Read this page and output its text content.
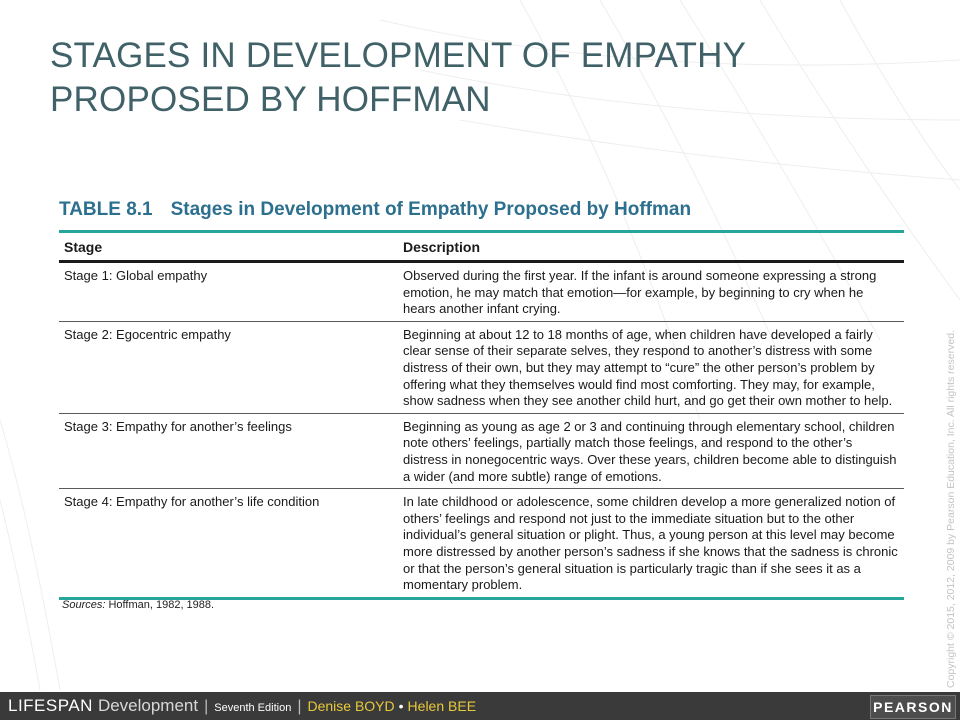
STAGES IN DEVELOPMENT OF EMPATHY PROPOSED BY HOFFMAN
TABLE 8.1 Stages in Development of Empathy Proposed by Hoffman
Stage	Description
Stage 1: Global empathy	Observed during the first year. If the infant is around someone expressing a strong emotion, he may match that emotion—for example, by beginning to cry when he hears another infant crying.
Stage 2: Egocentric empathy	Beginning at about 12 to 18 months of age, when children have developed a fairly clear sense of their separate selves, they respond to another’s distress with some distress of their own, but they may attempt to “cure” the other person’s problem by offering what they themselves would find most comforting. They may, for example, show sadness when they see another child hurt, and go get their own mother to help.
Stage 3: Empathy for another’s feelings	Beginning as young as age 2 or 3 and continuing through elementary school, children note others’ feelings, partially match those feelings, and respond to the other’s distress in nonegocentric ways. Over these years, children become able to distinguish a wider (and more subtle) range of emotions.
Stage 4: Empathy for another’s life condition	In late childhood or adolescence, some children develop a more generalized notion of others’ feelings and respond not just to the immediate situation but to the other individual’s general situation or plight. Thus, a young person at this level may become more distressed by another person’s sadness if she knows that the sadness is chronic or that the person’s general situation is particularly tragic than if she sees it as a momentary problem.
Sources: Hoffman, 1982, 1988.	Copyright © 2015, 2012, 2009 by Pearson Education, Inc. All rights reserved.
LIFESPAN Development | Seventh Edition | Denise BOYD • Helen BEE	PEARSON
